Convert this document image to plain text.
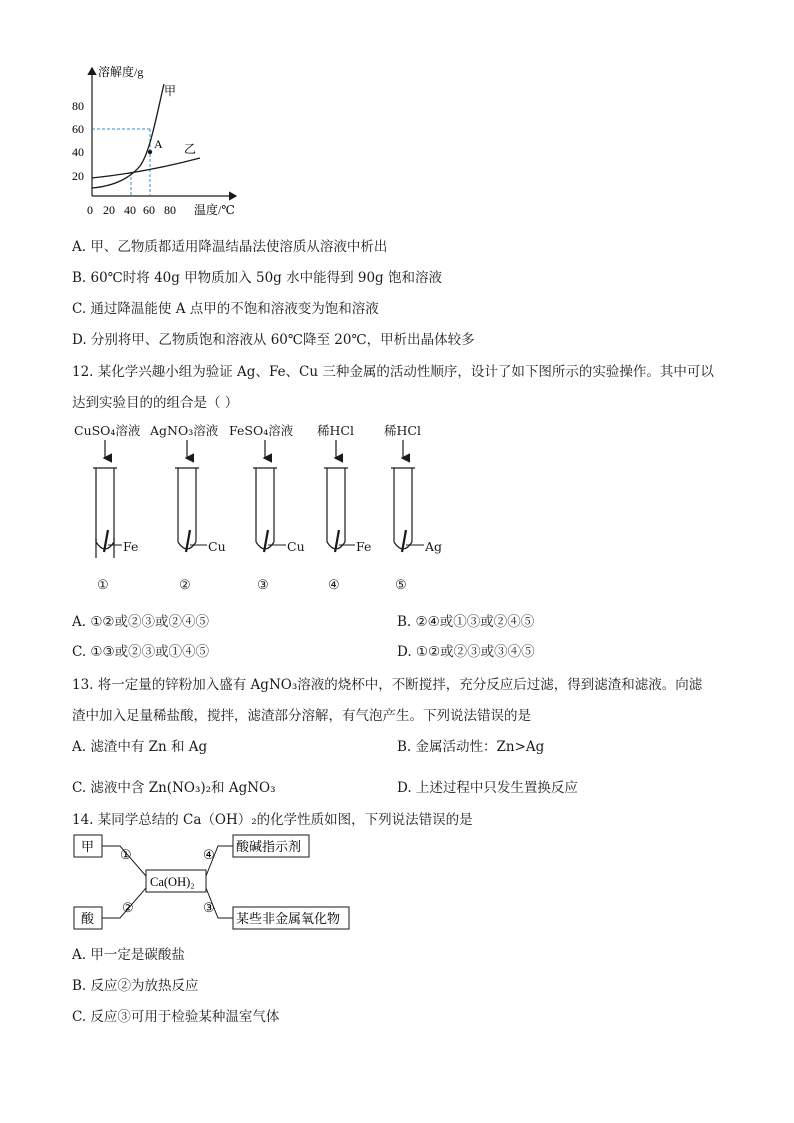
溶解度/g
甲
乙
A
80
60
40
20
0 20 40 60 80 温度/℃
A. 甲、乙物质都适用降温结晶法使溶质从溶液中析出
B. 60℃时将 40g 甲物质加入 50g 水中能得到 90g 饱和溶液
C. 通过降温能使 A 点甲的不饱和溶液变为饱和溶液
D. 分别将甲、乙物质饱和溶液从 60℃降至 20℃，甲析出晶体较多
12. 某化学兴趣小组为验证 Ag、Fe、Cu 三种金属的活动性顺序，设计了如下图所示的实验操作。其中可以
达到实验目的的组合是（ ）
CuSO₄溶液 AgNO₃溶液 FeSO₄溶液 稀HCl 稀HCl
Fe	Cu	Cu	Fe	Ag
①	②	③	④	⑤
A. ①②或②③或②④⑤	B. ②④或①③或②④⑤
C. ①③或②③或①④⑤	D. ①②或②③或③④⑤
13. 将一定量的锌粉加入盛有 AgNO₃溶液的烧杯中，不断搅拌，充分反应后过滤，得到滤渣和滤液。向滤
渣中加入足量稀盐酸，搅拌，滤渣部分溶解，有气泡产生。下列说法错误的是
A. 滤渣中有 Zn 和 Ag	B. 金属活动性：Zn>Ag
C. 滤液中含 Zn(NO₃)₂和 AgNO₃	D. 上述过程中只发生置换反应
14. 某同学总结的 Ca（OH）₂的化学性质如图，下列说法错误的是
甲
酸
Ca(OH)₂
酸碱指示剂
某些非金属氧化物
①
②	③
④
A. 甲一定是碳酸盐
B. 反应②为放热反应
C. 反应③可用于检验某种温室气体
